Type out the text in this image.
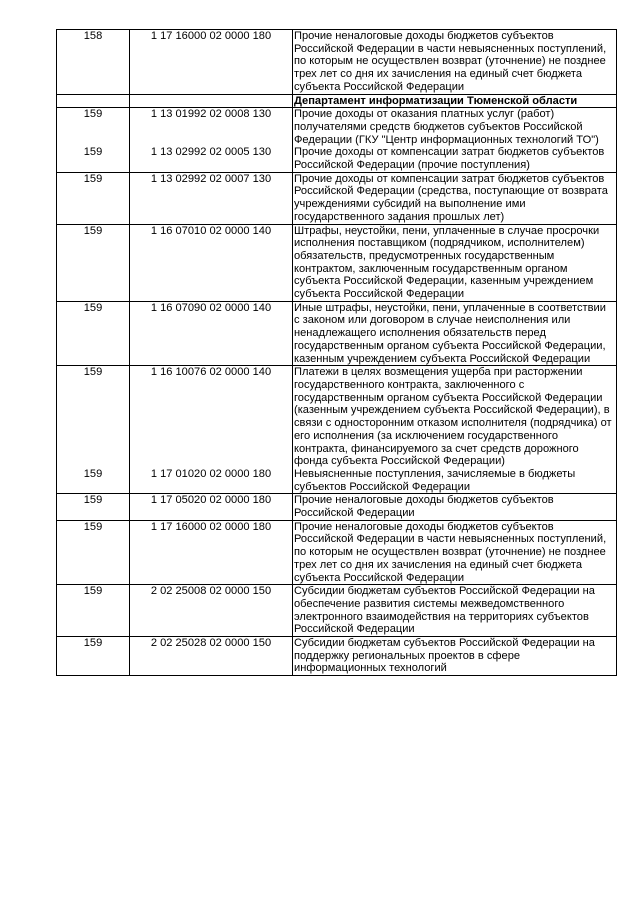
158	1 17 16000 02 0000 180	Прочие неналоговые доходы бюджетов субъектов Российской Федерации в части невыясненных поступлений, по которым не осуществлен возврат (уточнение) не позднее трех лет со дня их зачисления на единый счет бюджета субъекта Российской Федерации
		Департамент информатизации Тюменской области
159	1 13 01992 02 0008 130	Прочие доходы от оказания платных услуг (работ) получателями средств бюджетов субъектов Российской Федерации (ГКУ "Центр информационных технологий ТО")
159	1 13 02992 02 0005 130	Прочие доходы от компенсации затрат бюджетов субъектов Российской Федерации (прочие поступления)
159	1 13 02992 02 0007 130	Прочие доходы от компенсации затрат бюджетов субъектов Российской Федерации (средства, поступающие от возврата учреждениями субсидий на выполнение ими государственного задания прошлых лет)
159	1 16 07010 02 0000 140	Штрафы, неустойки, пени, уплаченные в случае просрочки исполнения поставщиком (подрядчиком, исполнителем) обязательств, предусмотренных государственным контрактом, заключенным государственным органом субъекта Российской Федерации, казенным учреждением субъекта Российской Федерации
159	1 16 07090 02 0000 140	Иные штрафы, неустойки, пени, уплаченные в соответствии с законом или договором в случае неисполнения или ненадлежащего исполнения обязательств перед государственным органом субъекта Российской Федерации, казенным учреждением субъекта Российской Федерации
159	1 16 10076 02 0000 140	Платежи в целях возмещения ущерба при расторжении государственного контракта, заключенного с государственным органом субъекта Российской Федерации (казенным учреждением субъекта Российской Федерации), в связи с односторонним отказом исполнителя (подрядчика) от его исполнения (за исключением государственного контракта, финансируемого за счет средств дорожного фонда субъекта Российской Федерации)
159	1 17 01020 02 0000 180	Невыясненные поступления, зачисляемые в бюджеты субъектов Российской Федерации
159	1 17 05020 02 0000 180	Прочие неналоговые доходы бюджетов субъектов Российской Федерации
159	1 17 16000 02 0000 180	Прочие неналоговые доходы бюджетов субъектов Российской Федерации в части невыясненных поступлений, по которым не осуществлен возврат (уточнение) не позднее трех лет со дня их зачисления на единый счет бюджета субъекта Российской Федерации
159	2 02 25008 02 0000 150	Субсидии бюджетам субъектов Российской Федерации на обеспечение развития системы межведомственного электронного взаимодействия на территориях субъектов Российской Федерации
159	2 02 25028 02 0000 150	Субсидии бюджетам субъектов Российской Федерации на поддержку региональных проектов в сфере информационных технологий
